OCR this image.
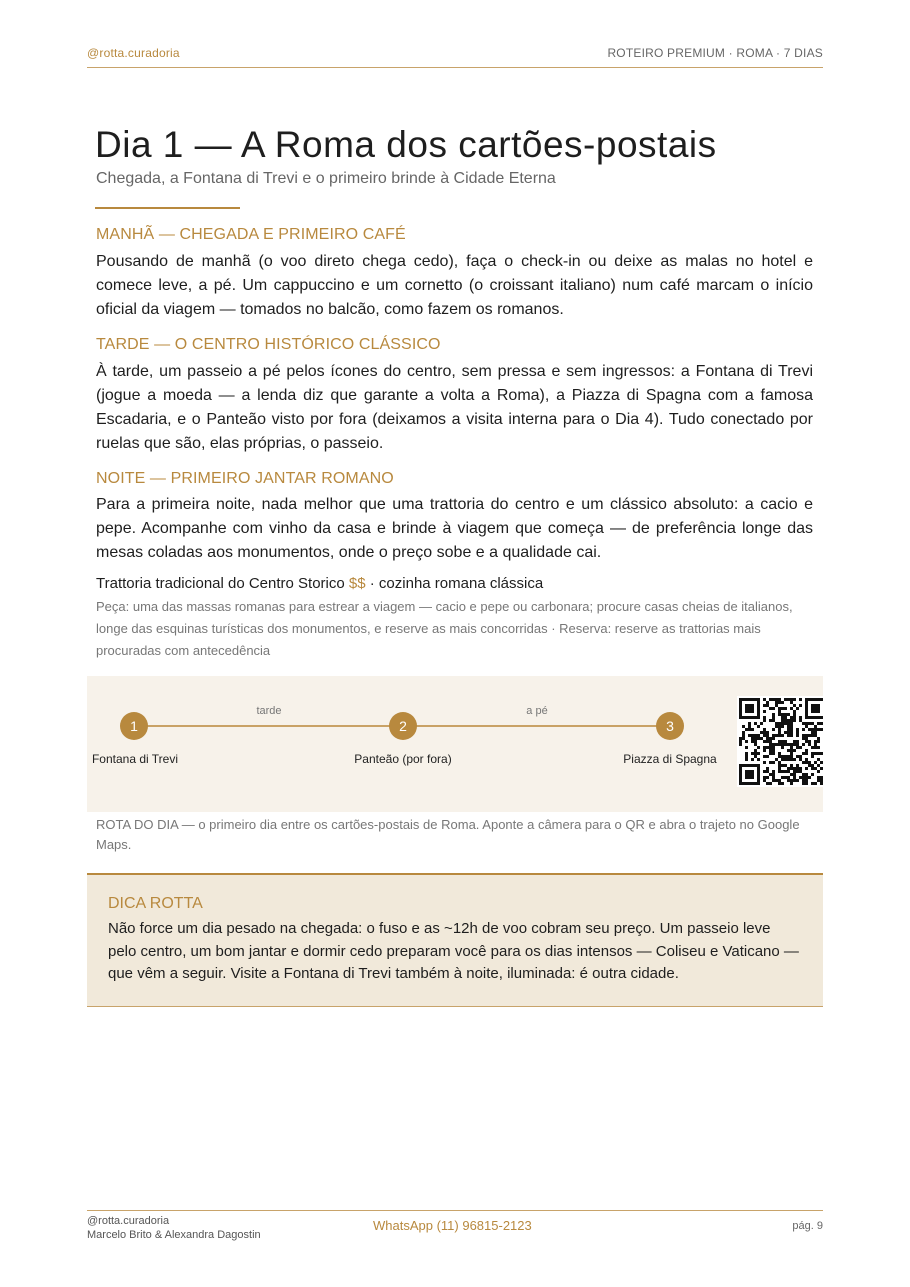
@rotta.curadoria	ROTEIRO PREMIUM · ROMA · 7 DIAS
Dia 1 — A Roma dos cartões-postais
Chegada, a Fontana di Trevi e o primeiro brinde à Cidade Eterna
MANHÃ — CHEGADA E PRIMEIRO CAFÉ
Pousando de manhã (o voo direto chega cedo), faça o check-in ou deixe as malas no hotel e comece leve, a pé. Um cappuccino e um cornetto (o croissant italiano) num café marcam o início oficial da viagem — tomados no balcão, como fazem os romanos.
TARDE — O CENTRO HISTÓRICO CLÁSSICO
À tarde, um passeio a pé pelos ícones do centro, sem pressa e sem ingressos: a Fontana di Trevi (jogue a moeda — a lenda diz que garante a volta a Roma), a Piazza di Spagna com a famosa Escadaria, e o Panteão visto por fora (deixamos a visita interna para o Dia 4). Tudo conectado por ruelas que são, elas próprias, o passeio.
NOITE — PRIMEIRO JANTAR ROMANO
Para a primeira noite, nada melhor que uma trattoria do centro e um clássico absoluto: a cacio e pepe. Acompanhe com vinho da casa e brinde à viagem que começa — de preferência longe das mesas coladas aos monumentos, onde o preço sobe e a qualidade cai.
Trattoria tradicional do Centro Storico $$ · cozinha romana clássica
Peça: uma das massas romanas para estrear a viagem — cacio e pepe ou carbonara; procure casas cheias de italianos, longe das esquinas turísticas dos monumentos, e reserve as mais concorridas · Reserva: reserve as trattorias mais procuradas com antecedência
tarde	a pé
1	2	3
Fontana di Trevi	Panteão (por fora)	Piazza di Spagna
ROTA DO DIA — o primeiro dia entre os cartões-postais de Roma. Aponte a câmera para o QR e abra o trajeto no Google Maps.
DICA ROTTA
Não force um dia pesado na chegada: o fuso e as ~12h de voo cobram seu preço. Um passeio leve pelo centro, um bom jantar e dormir cedo preparam você para os dias intensos — Coliseu e Vaticano — que vêm a seguir. Visite a Fontana di Trevi também à noite, iluminada: é outra cidade.
@rotta.curadoria
Marcelo Brito & Alexandra Dagostin
WhatsApp (11) 96815-2123	pág. 9
